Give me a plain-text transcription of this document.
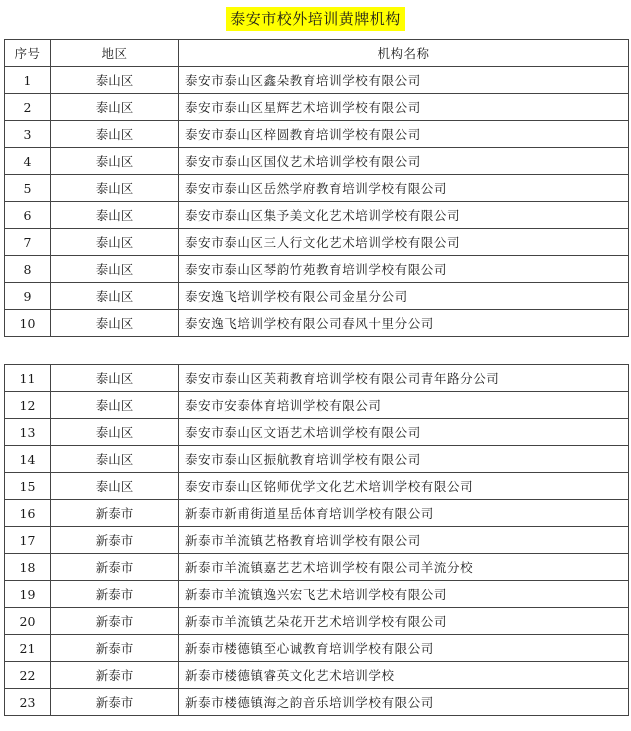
泰安市校外培训黄牌机构
序号	地区	机构名称
1	泰山区	泰安市泰山区鑫朵教育培训学校有限公司
2	泰山区	泰安市泰山区星辉艺术培训学校有限公司
3	泰山区	泰安市泰山区梓圆教育培训学校有限公司
4	泰山区	泰安市泰山区国仪艺术培训学校有限公司
5	泰山区	泰安市泰山区岳然学府教育培训学校有限公司
6	泰山区	泰安市泰山区集予美文化艺术培训学校有限公司
7	泰山区	泰安市泰山区三人行文化艺术培训学校有限公司
8	泰山区	泰安市泰山区琴韵竹苑教育培训学校有限公司
9	泰山区	泰安逸飞培训学校有限公司金星分公司
10	泰山区	泰安逸飞培训学校有限公司春风十里分公司
11	泰山区	泰安市泰山区芙莉教育培训学校有限公司青年路分公司
12	泰山区	泰安市安泰体育培训学校有限公司
13	泰山区	泰安市泰山区文语艺术培训学校有限公司
14	泰山区	泰安市泰山区振航教育培训学校有限公司
15	泰山区	泰安市泰山区铭师优学文化艺术培训学校有限公司
16	新泰市	新泰市新甫街道星岳体育培训学校有限公司
17	新泰市	新泰市羊流镇艺格教育培训学校有限公司
18	新泰市	新泰市羊流镇嘉艺艺术培训学校有限公司羊流分校
19	新泰市	新泰市羊流镇逸兴宏飞艺术培训学校有限公司
20	新泰市	新泰市羊流镇艺朵花开艺术培训学校有限公司
21	新泰市	新泰市楼德镇至心诚教育培训学校有限公司
22	新泰市	新泰市楼德镇睿英文化艺术培训学校
23	新泰市	新泰市楼德镇海之韵音乐培训学校有限公司
